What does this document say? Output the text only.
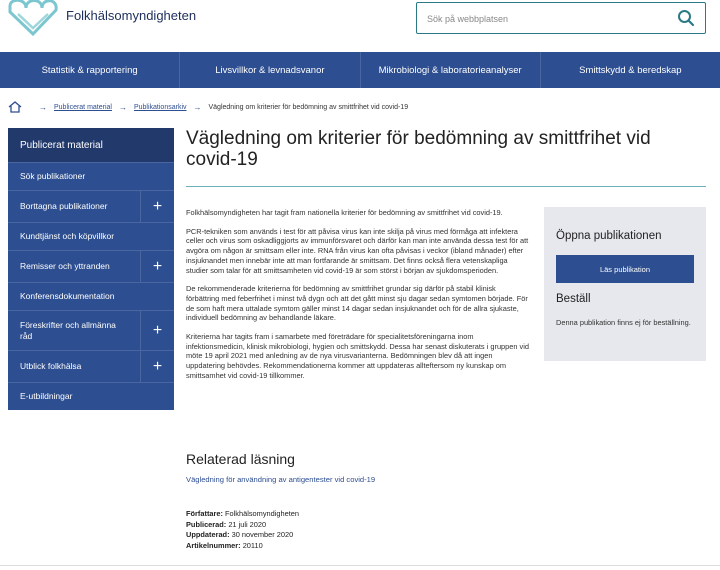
Folkhälsomyndigheten
Sök på webbplatsen
Statistik & rapportering	Livsvillkor & levnadsvanor	Mikrobiologi & laboratorieanalyser	Smittskydd & beredskap
→ Publicerat material → Publikationsarkiv → Vägledning om kriterier för bedömning av smittfrihet vid covid-19
Publicerat material
Sök publikationer
Borttagna publikationer	+
Kundtjänst och köpvillkor
Remisser och yttranden	+
Konferensdokumentation
Föreskrifter och allmänna råd	+
Utblick folkhälsa	+
E-utbildningar
Vägledning om kriterier för bedömning av smittfrihet vid covid-19

Folkhälsomyndigheten har tagit fram nationella kriterier för bedömning av smittfrihet vid covid-19.

PCR-tekniken som används i test för att påvisa virus kan inte skilja på virus med förmåga att infektera celler och virus som oskadliggjorts av immunförsvaret och därför kan man inte använda dessa test för att avgöra om någon är smittsam eller inte. RNA från virus kan ofta påvisas i veckor (ibland månader) efter insjuknandet men innebär inte att man fortfarande är smittsam. Det finns också flera vetenskapliga studier som talar för att smittsamheten vid covid-19 är som störst i början av sjukdomsperioden.

De rekommenderade kriterierna för bedömning av smittfrihet grundar sig därför på stabil klinisk förbättring med feberfrihet i minst två dygn och att det gått minst sju dagar sedan symtomen började. För de som haft mera uttalade symtom gäller minst 14 dagar sedan insjuknandet och för de allra sjukaste, individuell bedömning av behandlande läkare.

Kriterierna har tagits fram i samarbete med företrädare för specialitetsföreningarna inom infektionsmedicin, klinisk mikrobiologi, hygien och smittskydd. Dessa har senast diskuterats i gruppen vid möte 19 april 2021 med anledning av de nya virusvarianterna. Bedömningen blev då att ingen uppdatering behövdes. Rekommendationerna kommer att uppdateras allteftersom ny kunskap om smittsamhet vid covid-19 tillkommer.

Relaterad läsning
Vägledning för användning av antigentester vid covid-19
Författare: Folkhälsomyndigheten
Publicerad: 21 juli 2020
Uppdaterad: 30 november 2020
Artikelnummer: 20110
Öppna publikationen
Läs publikation
Beställ
Denna publikation finns ej för beställning.
